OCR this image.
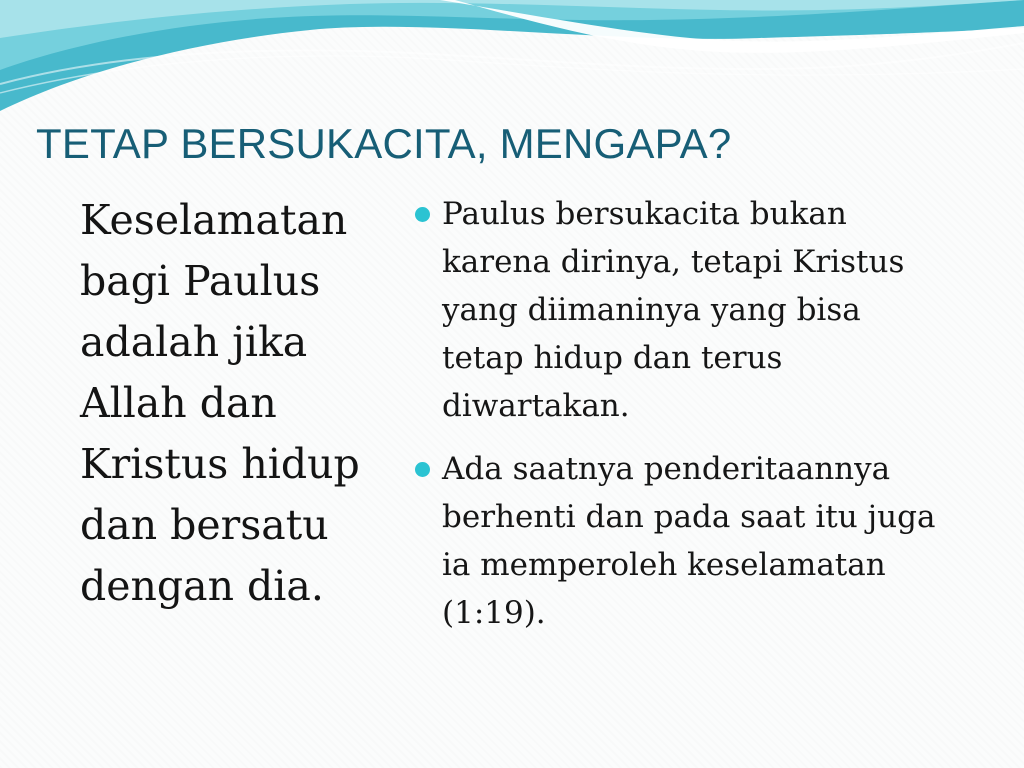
TETAP BERSUKACITA, MENGAPA?

Keselamatan bagi Paulus adalah jika Allah dan Kristus hidup dan bersatu dengan dia.

Paulus bersukacita bukan karena dirinya, tetapi Kristus yang diimaninya yang bisa tetap hidup dan terus diwartakan.
Ada saatnya penderitaannya berhenti dan pada saat itu juga ia memperoleh keselamatan (1:19).
